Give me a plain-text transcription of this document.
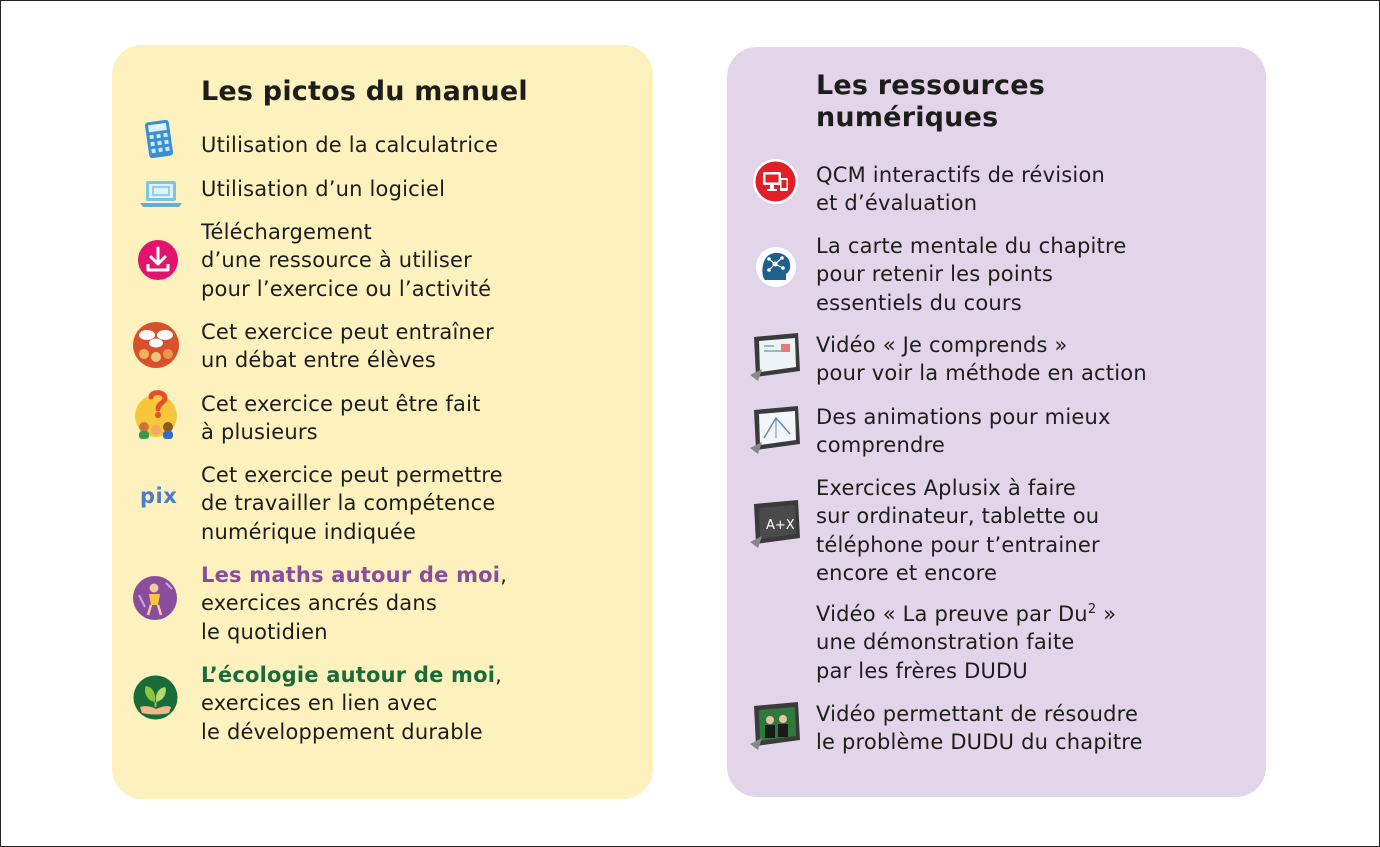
Les pictos du manuel
Utilisation de la calculatrice
Utilisation d’un logiciel
Téléchargement
d’une ressource à utiliser
pour l’exercice ou l’activité
Cet exercice peut entraîner
un débat entre élèves
Cet exercice peut être fait
à plusieurs
pix
Cet exercice peut permettre
de travailler la compétence
numérique indiquée
Les maths autour de moi,
exercices ancrés dans
le quotidien
L’écologie autour de moi,
exercices en lien avec
le développement durable
Les ressources
numériques
QCM interactifs de révision
et d’évaluation
La carte mentale du chapitre
pour retenir les points
essentiels du cours
Vidéo « Je comprends »
pour voir la méthode en action
Des animations pour mieux
comprendre
A+X
Exercices Aplusix à faire
sur ordinateur, tablette ou
téléphone pour t’entrainer
encore et encore
Vidéo « La preuve par Du$^2$ »
une démonstration faite
par les frères DUDU
Vidéo permettant de résoudre
le problème DUDU du chapitre
